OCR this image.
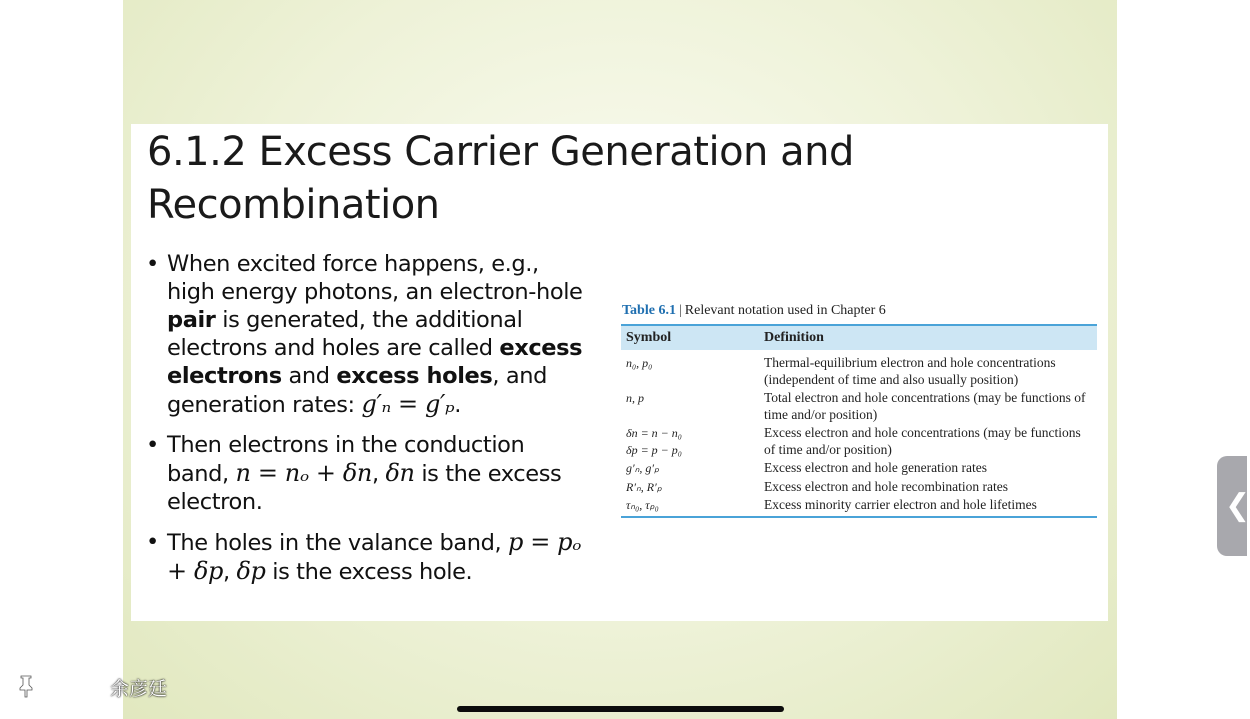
6.1.2 Excess Carrier Generation and Recombination
• When excited force happens, e.g., high energy photons, an electron-hole pair is generated, the additional electrons and holes are called excess electrons and excess holes, and generation rates: g′ₙ = g′ₚ.
• Then electrons in the conduction band, n = nₒ + δn, δn is the excess electron.
• The holes in the valance band, p = pₒ + δp, δp is the excess hole.
Table 6.1 | Relevant notation used in Chapter 6
Symbol	Definition
n₀, p₀	Thermal-equilibrium electron and hole concentrations (independent of time and also usually position)
n, p	Total electron and hole concentrations (may be functions of time and/or position)
δn = n − n₀
δp = p − p₀	Excess electron and hole concentrations (may be functions of time and/or position)
g′ₙ, g′ₚ	Excess electron and hole generation rates
R′ₙ, R′ₚ	Excess electron and hole recombination rates
τₙ₀, τₚ₀	Excess minority carrier electron and hole lifetimes	❮
余彦廷
